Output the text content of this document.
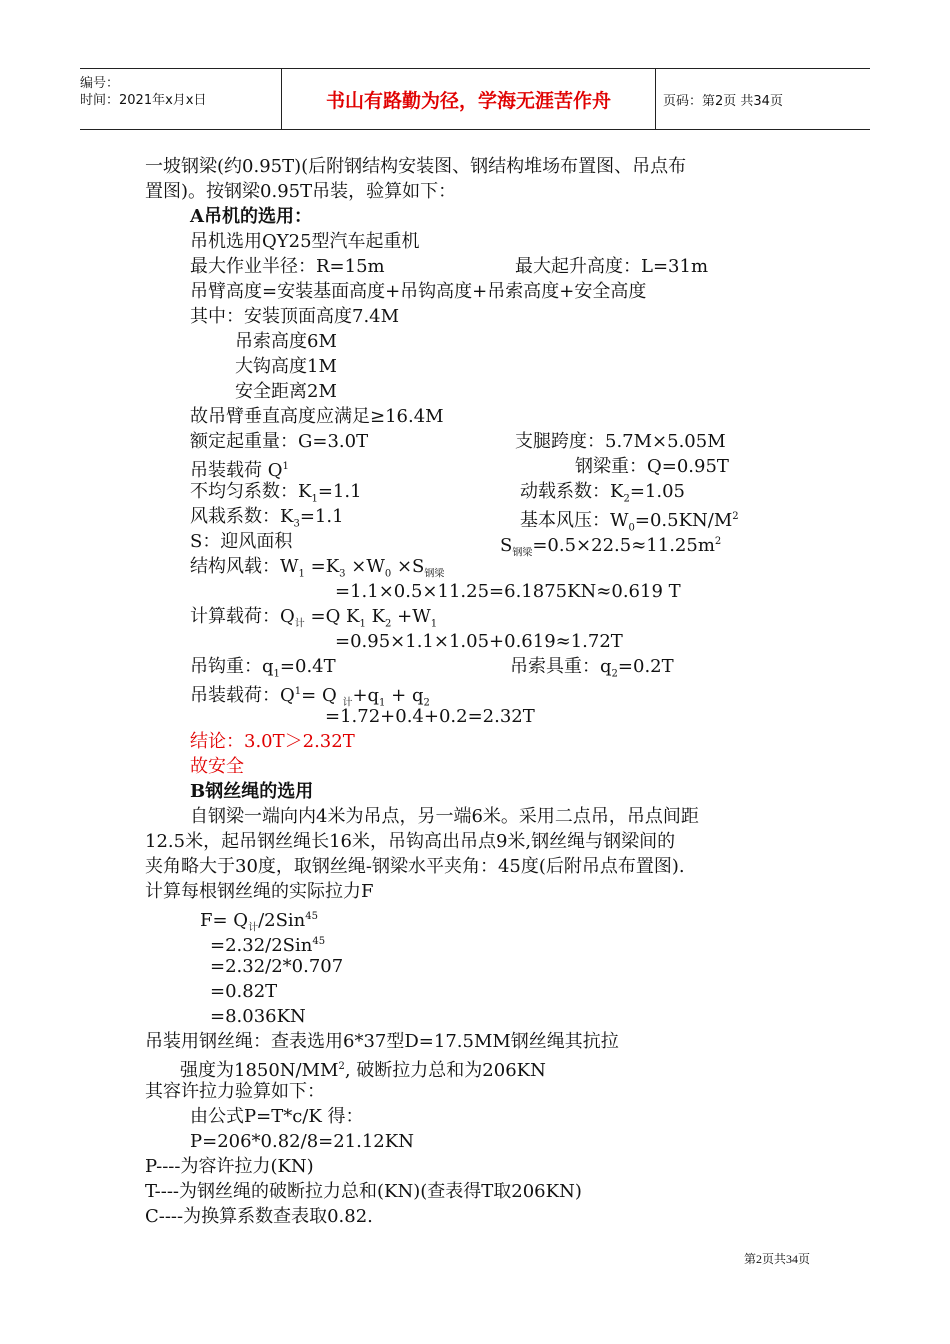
编号：
时间：2021年x月x日	书山有路勤为径，学海无涯苦作舟	页码：第2页 共34页
一坡钢梁(约0.95T)(后附钢结构安装图、钢结构堆场布置图、吊点布
置图)。按钢梁0.95T吊装，验算如下：
A吊机的选用：
吊机选用QY25型汽车起重机
最大作业半径：R=15m	最大起升高度：L=31m
吊臂高度=安装基面高度+吊钩高度+吊索高度+安全高度
其中：安装顶面高度7.4M
吊索高度6M
大钩高度1M
安全距离2M
故吊臂垂直高度应满足≥16.4M
额定起重量：G=3.0T	支腿跨度：5.7M×5.05M
吊装载荷 $Q^1$	钢梁重：Q=0.95T
不均匀系数：$K_1=1.1$	动载系数：$K_2=1.05$
风栽系数：$K_3=1.1$	基本风压：$W_0=0.5KN/M^2$
S：迎风面积	$S_{钢梁}=0.5\times 22.5\approx 11.25m^2$
结构风载：$W_1 =K_3 \times W_0 \times S_{钢梁}$
=1.1×0.5×11.25=6.1875KN≈0.619 T
计算载荷：$Q_计 =Q$ $K_1$ $K_2 +W_1$
=0.95×1.1×1.05+0.619≈1.72T
吊钩重：$q_1=0.4T$	吊索具重：$q_2=0.2T$
吊装载荷：$Q^1= Q$ $_计+q_1 + q_2$
=1.72+0.4+0.2=2.32T
结论：3.0T＞2.32T
故安全
B钢丝绳的选用
自钢梁一端向内4米为吊点，另一端6米。采用二点吊，吊点间距
12.5米，起吊钢丝绳长16米，吊钩高出吊点9米,钢丝绳与钢梁间的
夹角略大于30度，取钢丝绳-钢梁水平夹角：45度(后附吊点布置图).
计算每根钢丝绳的实际拉力F
$F= Q_计/2Sin^{45}$
=2.32/2Sin$^{45}$
=2.32/2*0.707
=0.82T
=8.036KN
吊装用钢丝绳：查表选用6*37型D=17.5MM钢丝绳其抗拉
强度为$1850N/MM^2$, 破断拉力总和为206KN
其容许拉力验算如下：
由公式P=T*c/K 得：
P=206*0.82/8=21.12KN
P----为容许拉力(KN)
T----为钢丝绳的破断拉力总和(KN)(查表得T取206KN)
C----为换算系数查表取0.82.
第2页共34页
